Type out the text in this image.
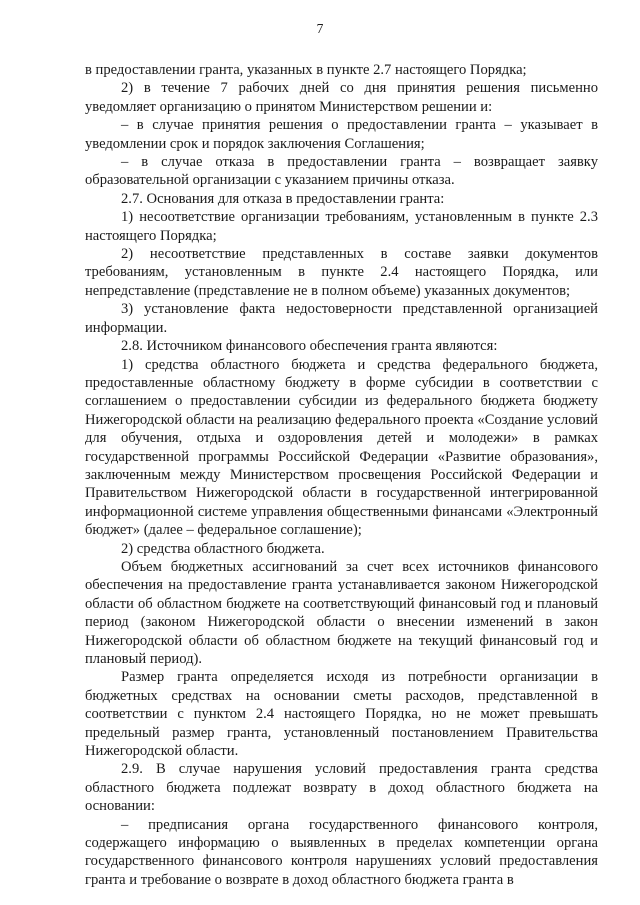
7

в предоставлении гранта, указанных в пункте 2.7 настоящего Порядка;

2) в течение 7 рабочих дней со дня принятия решения письменно уведомляет организацию о принятом Министерством решении и:

– в случае принятия решения о предоставлении гранта – указывает в уведомлении срок и порядок заключения Соглашения;

– в случае отказа в предоставлении гранта – возвращает заявку образовательной организации с указанием причины отказа.

2.7. Основания для отказа в предоставлении гранта:

1) несоответствие организации требованиям, установленным в пункте 2.3 настоящего Порядка;

2) несоответствие представленных в составе заявки документов требованиям, установленным в пункте 2.4 настоящего Порядка, или непредставление (представление не в полном объеме) указанных документов;

3) установление факта недостоверности представленной организацией информации.

2.8. Источником финансового обеспечения гранта являются:

1) средства областного бюджета и средства федерального бюджета, предоставленные областному бюджету в форме субсидии в соответствии с соглашением о предоставлении субсидии из федерального бюджета бюджету Нижегородской области на реализацию федерального проекта «Создание условий для обучения, отдыха и оздоровления детей и молодежи» в рамках государственной программы Российской Федерации «Развитие образования», заключенным между Министерством просвещения Российской Федерации и Правительством Нижегородской области в государственной интегрированной информационной системе управления общественными финансами «Электронный бюджет» (далее – федеральное соглашение);

2) средства областного бюджета.

Объем бюджетных ассигнований за счет всех источников финансового обеспечения на предоставление гранта устанавливается законом Нижегородской области об областном бюджете на соответствующий финансовый год и плановый период (законом Нижегородской области о внесении изменений в закон Нижегородской области об областном бюджете на текущий финансовый год и плановый период).

Размер гранта определяется исходя из потребности организации в бюджетных средствах на основании сметы расходов, представленной в соответствии с пунктом 2.4 настоящего Порядка, но не может превышать предельный размер гранта, установленный постановлением Правительства Нижегородской области.

2.9. В случае нарушения условий предоставления гранта средства областного бюджета подлежат возврату в доход областного бюджета на основании:

– предписания органа государственного финансового контроля, содержащего информацию о выявленных в пределах компетенции органа государственного финансового контроля нарушениях условий предоставления гранта и требование о возврате в доход областного бюджета гранта в
